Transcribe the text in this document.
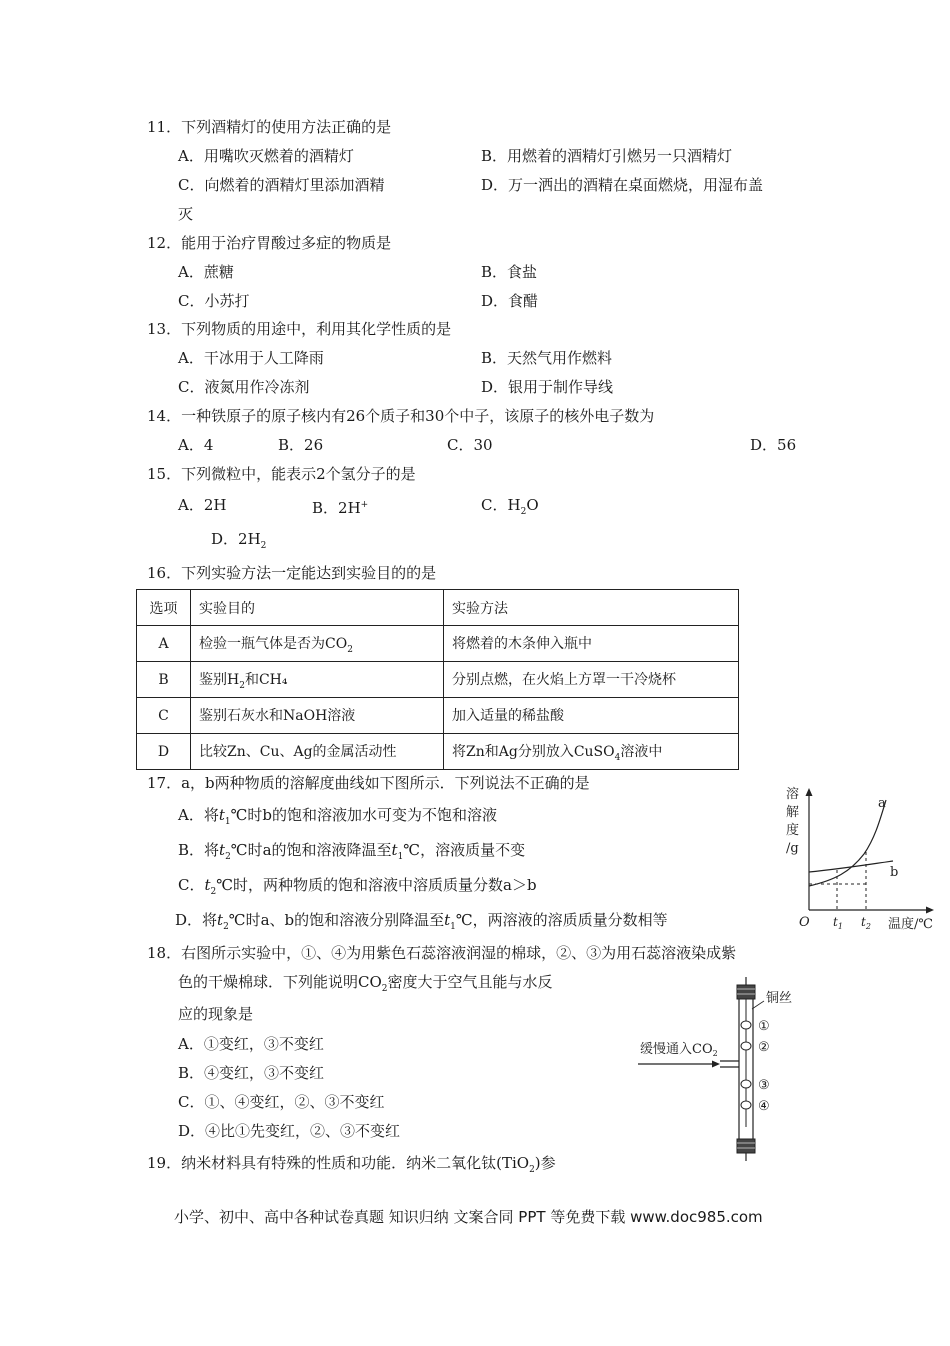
11．下列酒精灯的使用方法正确的是
A．用嘴吹灭燃着的酒精灯	B．用燃着的酒精灯引燃另一只酒精灯
C．向燃着的酒精灯里添加酒精	D．万一洒出的酒精在桌面燃烧，用湿布盖
灭
12．能用于治疗胃酸过多症的物质是
A．蔗糖	B．食盐
C．小苏打	D．食醋
13．下列物质的用途中，利用其化学性质的是
A．干冰用于人工降雨	B．天然气用作燃料
C．液氮用作冷冻剂	D．银用于制作导线
14．一种铁原子的原子核内有26个质子和30个中子，该原子的核外电子数为
A．4	B．26	C．30	D．56
15．下列微粒中，能表示2个氢分子的是
A．2H	B．2H+	C．$H_2O$
D．$2H_2$
16．下列实验方法一定能达到实验目的的是
选项	实验目的	实验方法
A	检验一瓶气体是否为$CO_2$	将燃着的木条伸入瓶中
B	鉴别$H_2$和CH₄	分别点燃，在火焰上方罩一干冷烧杯
C	鉴别石灰水和NaOH溶液	加入适量的稀盐酸
D	比较Zn、Cu、Ag的金属活动性	将Zn和Ag分别放入CuSO$_4$溶液中
17．a，b两种物质的溶解度曲线如下图所示．下列说法不正确的是
A．将$t_1℃$时b的饱和溶液加水可变为不饱和溶液
B．将$t_2℃$时a的饱和溶液降温至$t_1℃$，溶液质量不变
C．$t_2℃$时，两种物质的饱和溶液中溶质质量分数a＞b
D．将$t_2℃$时a、b的饱和溶液分别降温至$t_1℃$，两溶液的溶质质量分数相等
溶
解
度
/g
a
b
O $t_1$ $t_2$ 温度/℃
18．右图所示实验中，①、④为用紫色石蕊溶液润湿的棉球，②、③为用石蕊溶液染成紫
色的干燥棉球．下列能说明$CO_2$密度大于空气且能与水反
应的现象是
A．①变红，③不变红
B．④变红，③不变红
C．①、④变红，②、③不变红
D．④比①先变红，②、③不变红
铜丝
①
②
③
④
缓慢通入$CO_2$
19．纳米材料具有特殊的性质和功能．纳米二氧化钛(TiO$_2$)参
小学、初中、高中各种试卷真题 知识归纳 文案合同 PPT 等免费下载 www.doc985.com
